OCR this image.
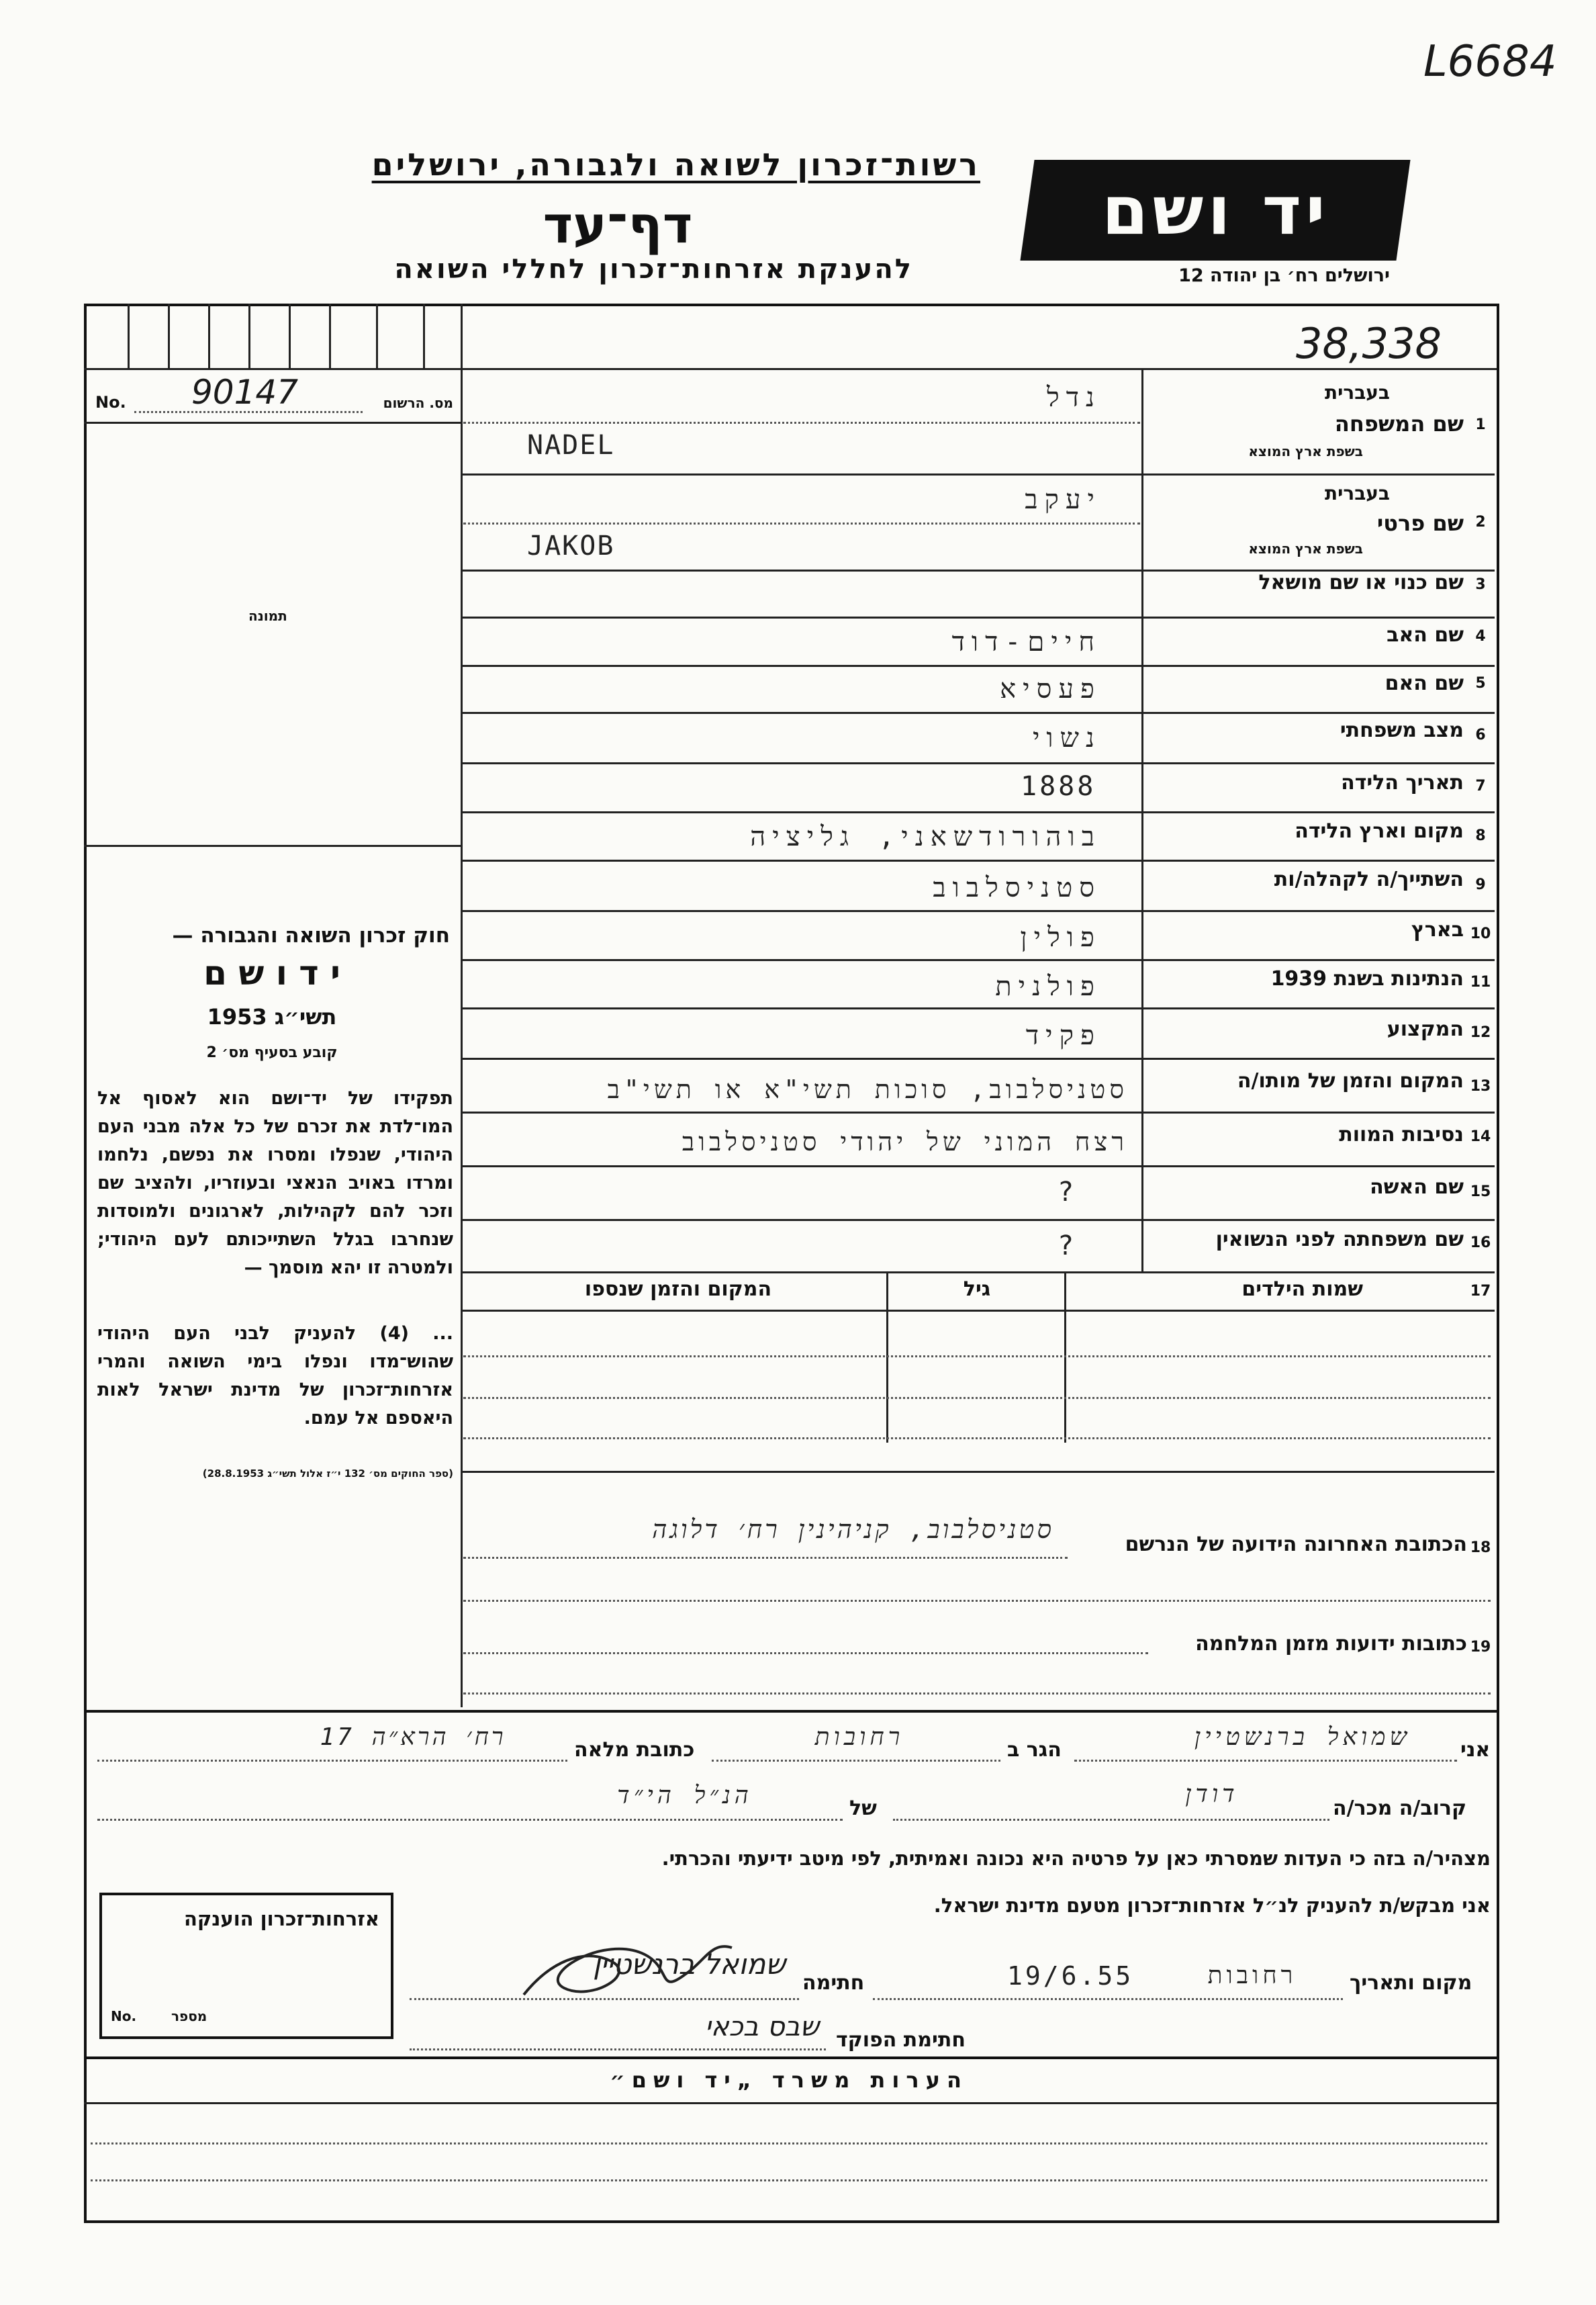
L6684
רשות־זכרון לשואה ולגבורה, ירושלים
דף־עד
להענקת אזרחות־זכרון לחללי השואה
יד ושם
ירושלים רח׳ בן יהודה 12
38,338
No. 90147	מס. הרשום
תמונה
חוק זכרון השואה והגבורה —
י ד ו ש ם
תשי״ג 1953
קובע בסעיף מס׳ 2
תפקידו של יד־ושם הוא לאסוף אל המו־לדת את זכרם של כל אלה מבני העם היהודי, שנפלו ומסרו את נפשם, נלחמו ומרדו באויב הנאצי ובעוזריו, ולהציב שם וזכר להם לקהילות, לארגונים ולמוסדות שנחרבו בגלל השתייכותם לעם היהודי; ולמטרה זו יהא מוסמך —
... (4) להעניק לבני העם היהודי שהוש־מדו ונפלו בימי השואה והמרי אזרחות־זכרון של מדינת ישראל לאות היאספם אל עמם.
(ספר החוקים מס׳ 132 י״ז אלול תשי״ג 28.8.1953)
בעברית
שם המשפחה
בשפת ארץ המוצא
1
נדל
NADEL
בעברית
שם פרטי
בשפת ארץ המוצא
2
יעקב
JAKOB
שם כנוי או שם מושאל 3
שם האב 4
חיים-דוד
שם האם 5
פעסיא
מצב משפחתי 6
נשוי
תאריך הלידה 7
1888
מקום וארץ הלידה 8
בוהורודשאני, גליציה
השתייך/ה לקהלה/ות 9
סטניסלבוב
בארץ 10
פולין
הנתינות בשנת 1939 11
פולנית
המקצוע 12
פקיד
המקום והזמן של מותו/ה 13
סטניסלבוב, סוכות תשי"א או תשי"ב
נסיבות המוות 14
רצח המוני של יהודי סטניסלבוב
שם האשה 15
?
שם משפחתה לפני הנשואין 16
?
שמות הילדים	17
גיל
המקום והזמן שנספו
18
הכתובת האחרונה הידועה של הנרשם
סטניסלבוב, קניהינין רח׳ דלוגה
19
כתובות ידועות מזמן המלחמה
אני
שמואל ברנשטיין
הגר ב
רחובות
כתובת מלאה
רח׳ הרא״ה 17
קרוב/ה מכר/ה
דודן
של
הנ״ל הי״ד
מצהיר/ה בזה כי העדות שמסרתי כאן על פרטיה היא נכונה ואמיתית, לפי מיטב ידיעתי והכרתי.
אני מבקש/ת להעניק לנ״ל אזרחות־זכרון מטעם מדינת ישראל.
מקום ותאריך
רחובות
19/6.55
חתימה
שמואל ברנשטיין
חתימת הפוקד
שבס בכאי
אזרחות־זכרון הוענקה
No.	מספר
הערות משרד „יד ושם״
